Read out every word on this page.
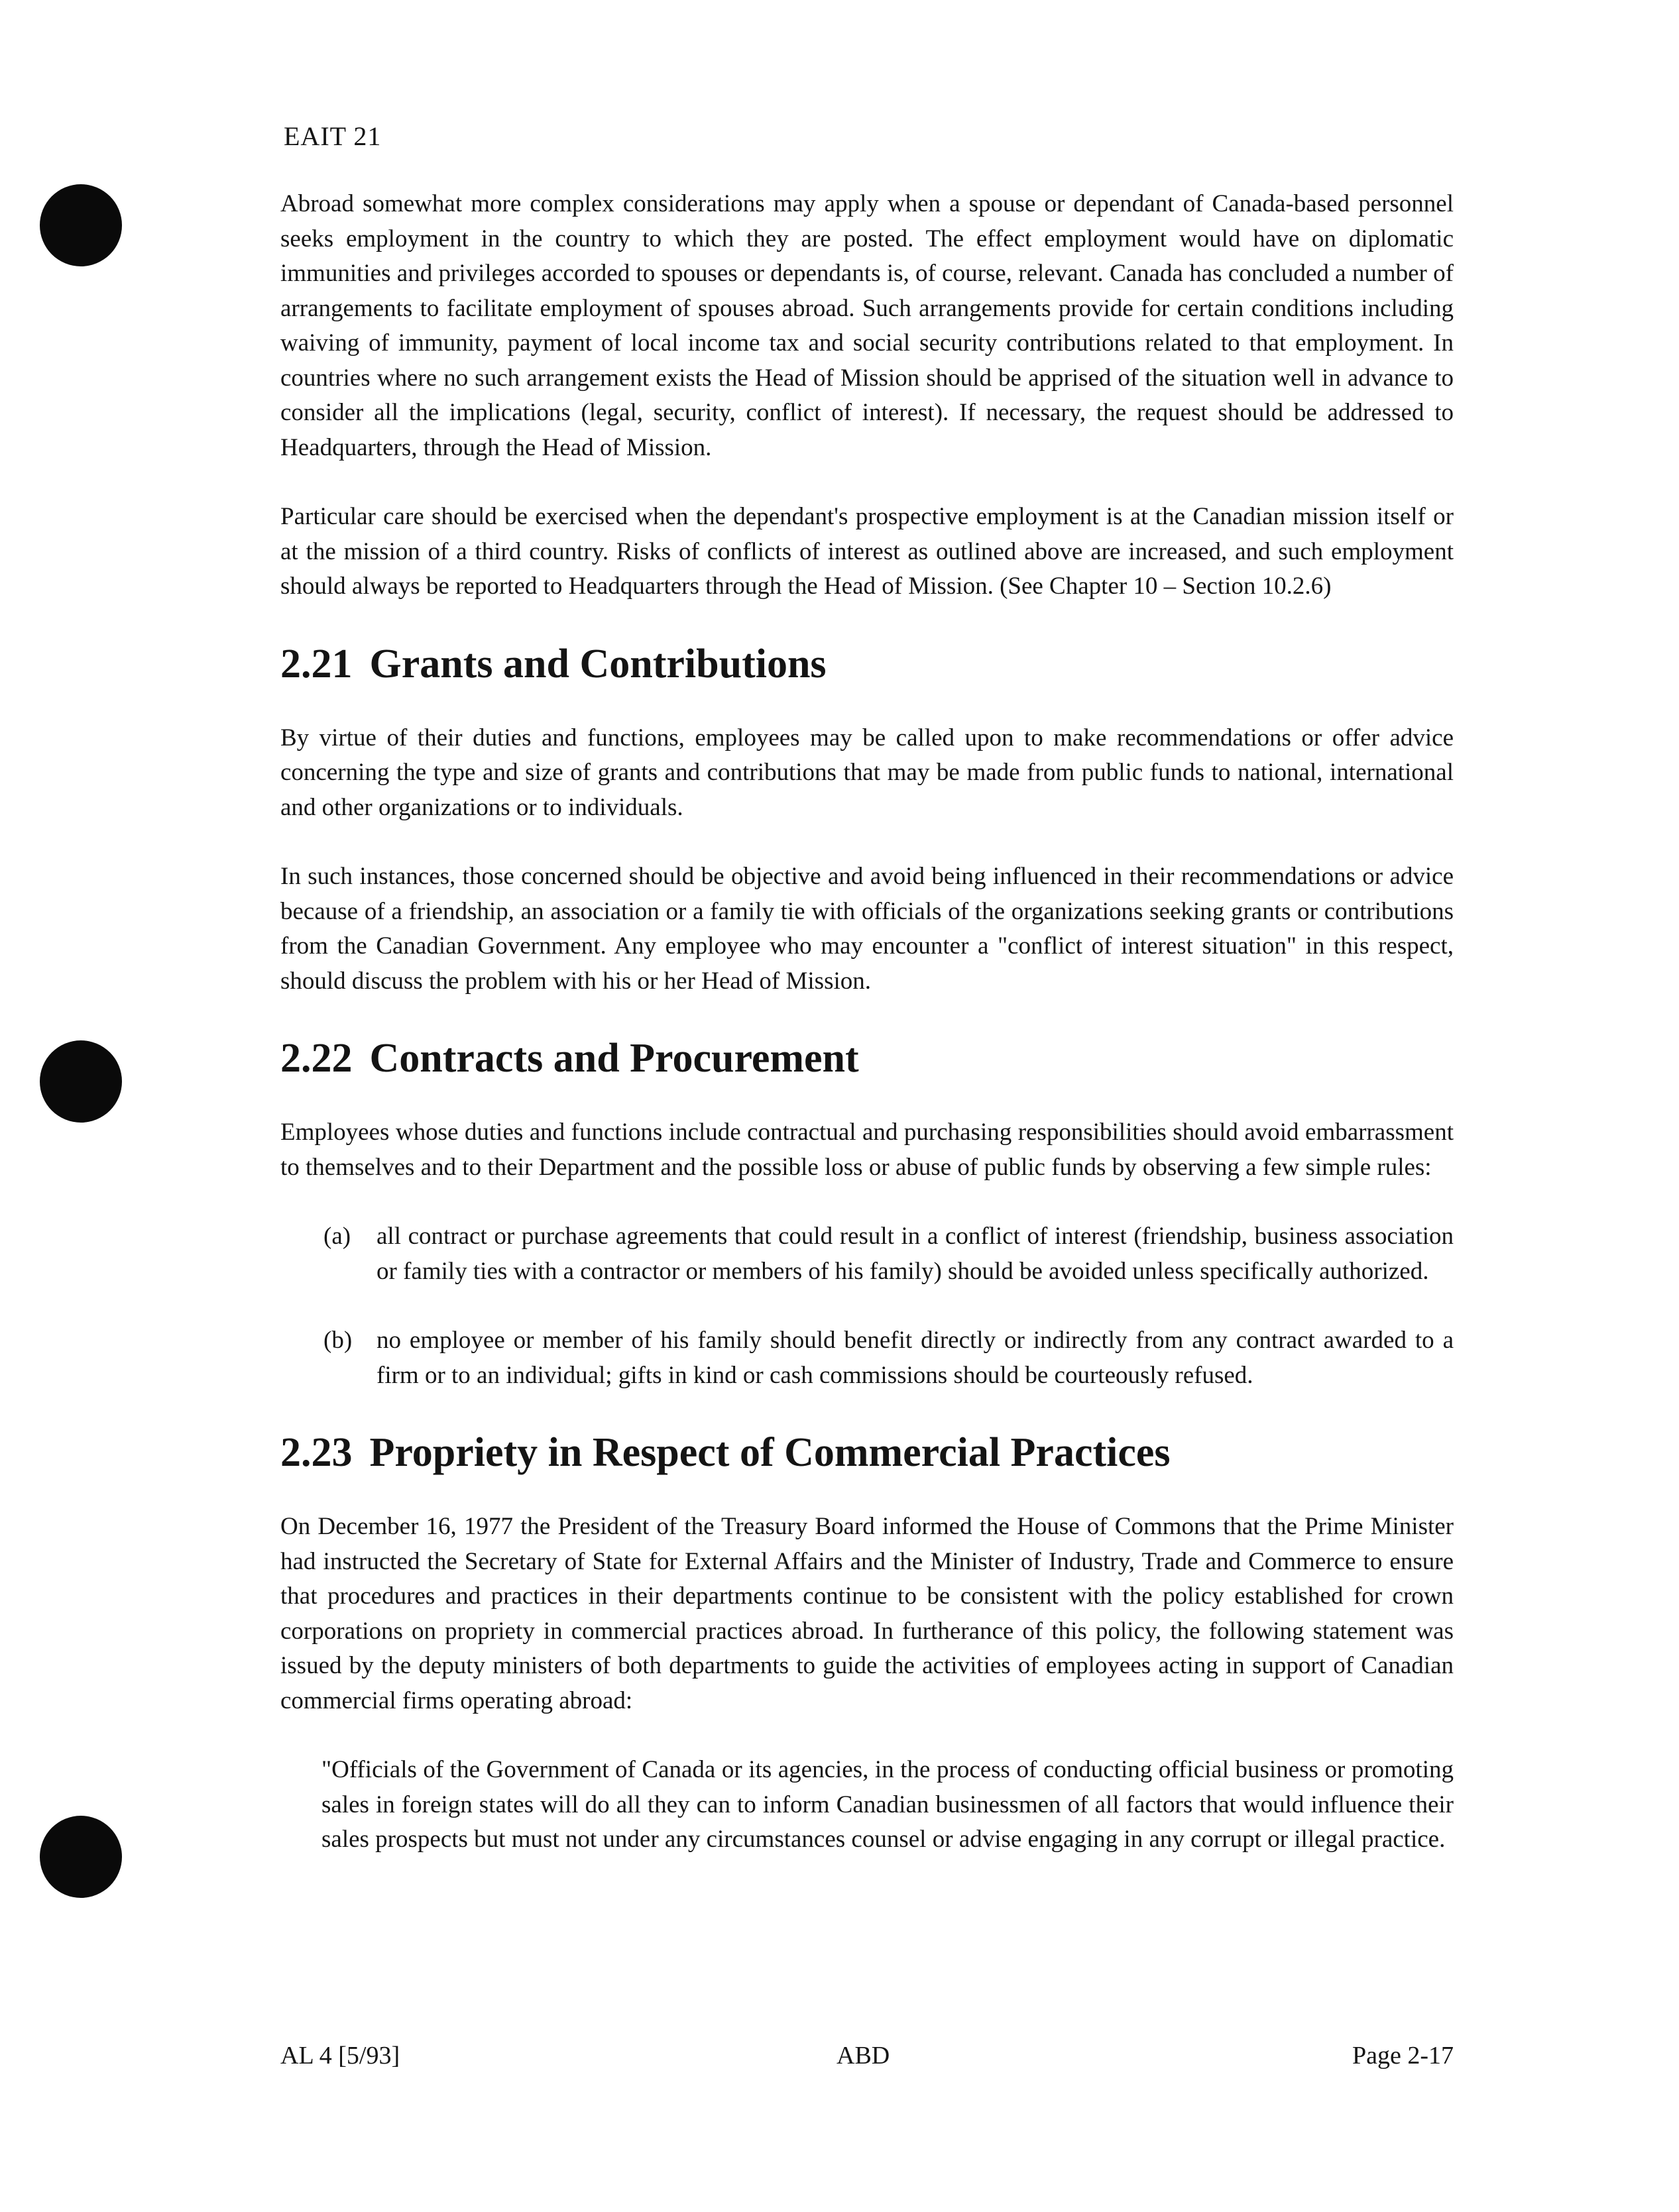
EAIT 21

Abroad somewhat more complex considerations may apply when a spouse or dependant of Canada-based personnel seeks employment in the country to which they are posted. The effect employment would have on diplomatic immunities and privileges accorded to spouses or dependants is, of course, relevant. Canada has concluded a number of arrangements to facilitate employment of spouses abroad. Such arrangements provide for certain conditions including waiving of immunity, payment of local income tax and social security contributions related to that employment. In countries where no such arrangement exists the Head of Mission should be apprised of the situation well in advance to consider all the implications (legal, security, conflict of interest). If necessary, the request should be addressed to Headquarters, through the Head of Mission.

Particular care should be exercised when the dependant's prospective employment is at the Canadian mission itself or at the mission of a third country. Risks of conflicts of interest as outlined above are increased, and such employment should always be reported to Headquarters through the Head of Mission. (See Chapter 10 – Section 10.2.6)

2.21 Grants and Contributions

By virtue of their duties and functions, employees may be called upon to make recommendations or offer advice concerning the type and size of grants and contributions that may be made from public funds to national, international and other organizations or to individuals.

In such instances, those concerned should be objective and avoid being influenced in their recommendations or advice because of a friendship, an association or a family tie with officials of the organizations seeking grants or contributions from the Canadian Government. Any employee who may encounter a "conflict of interest situation" in this respect, should discuss the problem with his or her Head of Mission.

2.22 Contracts and Procurement

Employees whose duties and functions include contractual and purchasing responsibilities should avoid embarrassment to themselves and to their Department and the possible loss or abuse of public funds by observing a few simple rules:

(a)	all contract or purchase agreements that could result in a conflict of interest (friendship, business association or family ties with a contractor or members of his family) should be avoided unless specifically authorized.
(b) no employee or member of his family should benefit directly or indirectly from any contract awarded to a firm or to an individual; gifts in kind or cash commissions should be courteously refused.
2.23 Propriety in Respect of Commercial Practices

On December 16, 1977 the President of the Treasury Board informed the House of Commons that the Prime Minister had instructed the Secretary of State for External Affairs and the Minister of Industry, Trade and Commerce to ensure that procedures and practices in their departments continue to be consistent with the policy established for crown corporations on propriety in commercial practices abroad. In furtherance of this policy, the following statement was issued by the deputy ministers of both departments to guide the activities of employees acting in support of Canadian commercial firms operating abroad:

"Officials of the Government of Canada or its agencies, in the process of conducting official business or promoting sales in foreign states will do all they can to inform Canadian businessmen of all factors that would influence their sales prospects but must not under any circumstances counsel or advise engaging in any corrupt or illegal practice.

AL 4 [5/93]	ABD	Page 2-17
